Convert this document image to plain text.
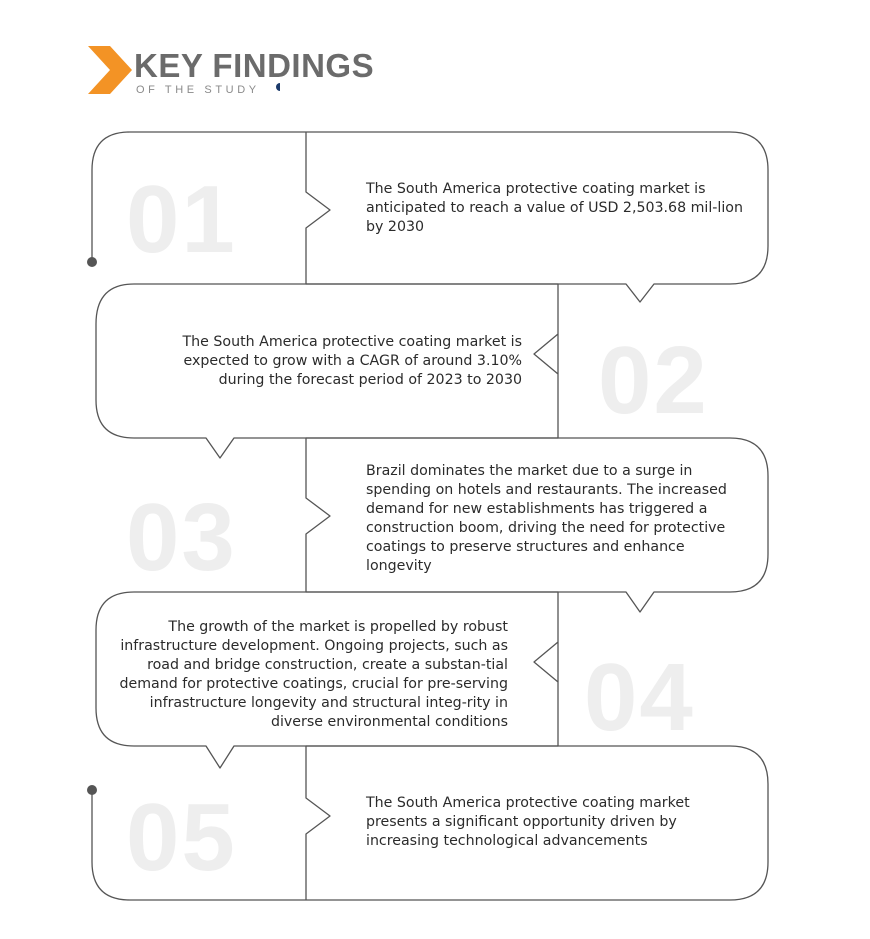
KEY FINDINGS
OF THE STUDY
01
02
03
04
05

The South America protective coating market is anticipated to reach a value of USD 2,503.68 mil-lion by 2030

The South America protective coating market is expected to grow with a CAGR of around 3.10% during the forecast period of 2023 to 2030

Brazil dominates the market due to a surge in spending on hotels and restaurants. The increased demand for new establishments has triggered a construction boom, driving the need for protective coatings to preserve structures and enhance longevity

The growth of the market is propelled by robust infrastructure development. Ongoing projects, such as road and bridge construction, create a substan-tial demand for protective coatings, crucial for pre-serving infrastructure longevity and structural integ-rity in diverse environmental conditions

The South America protective coating market presents a significant opportunity driven by increasing technological advancements
